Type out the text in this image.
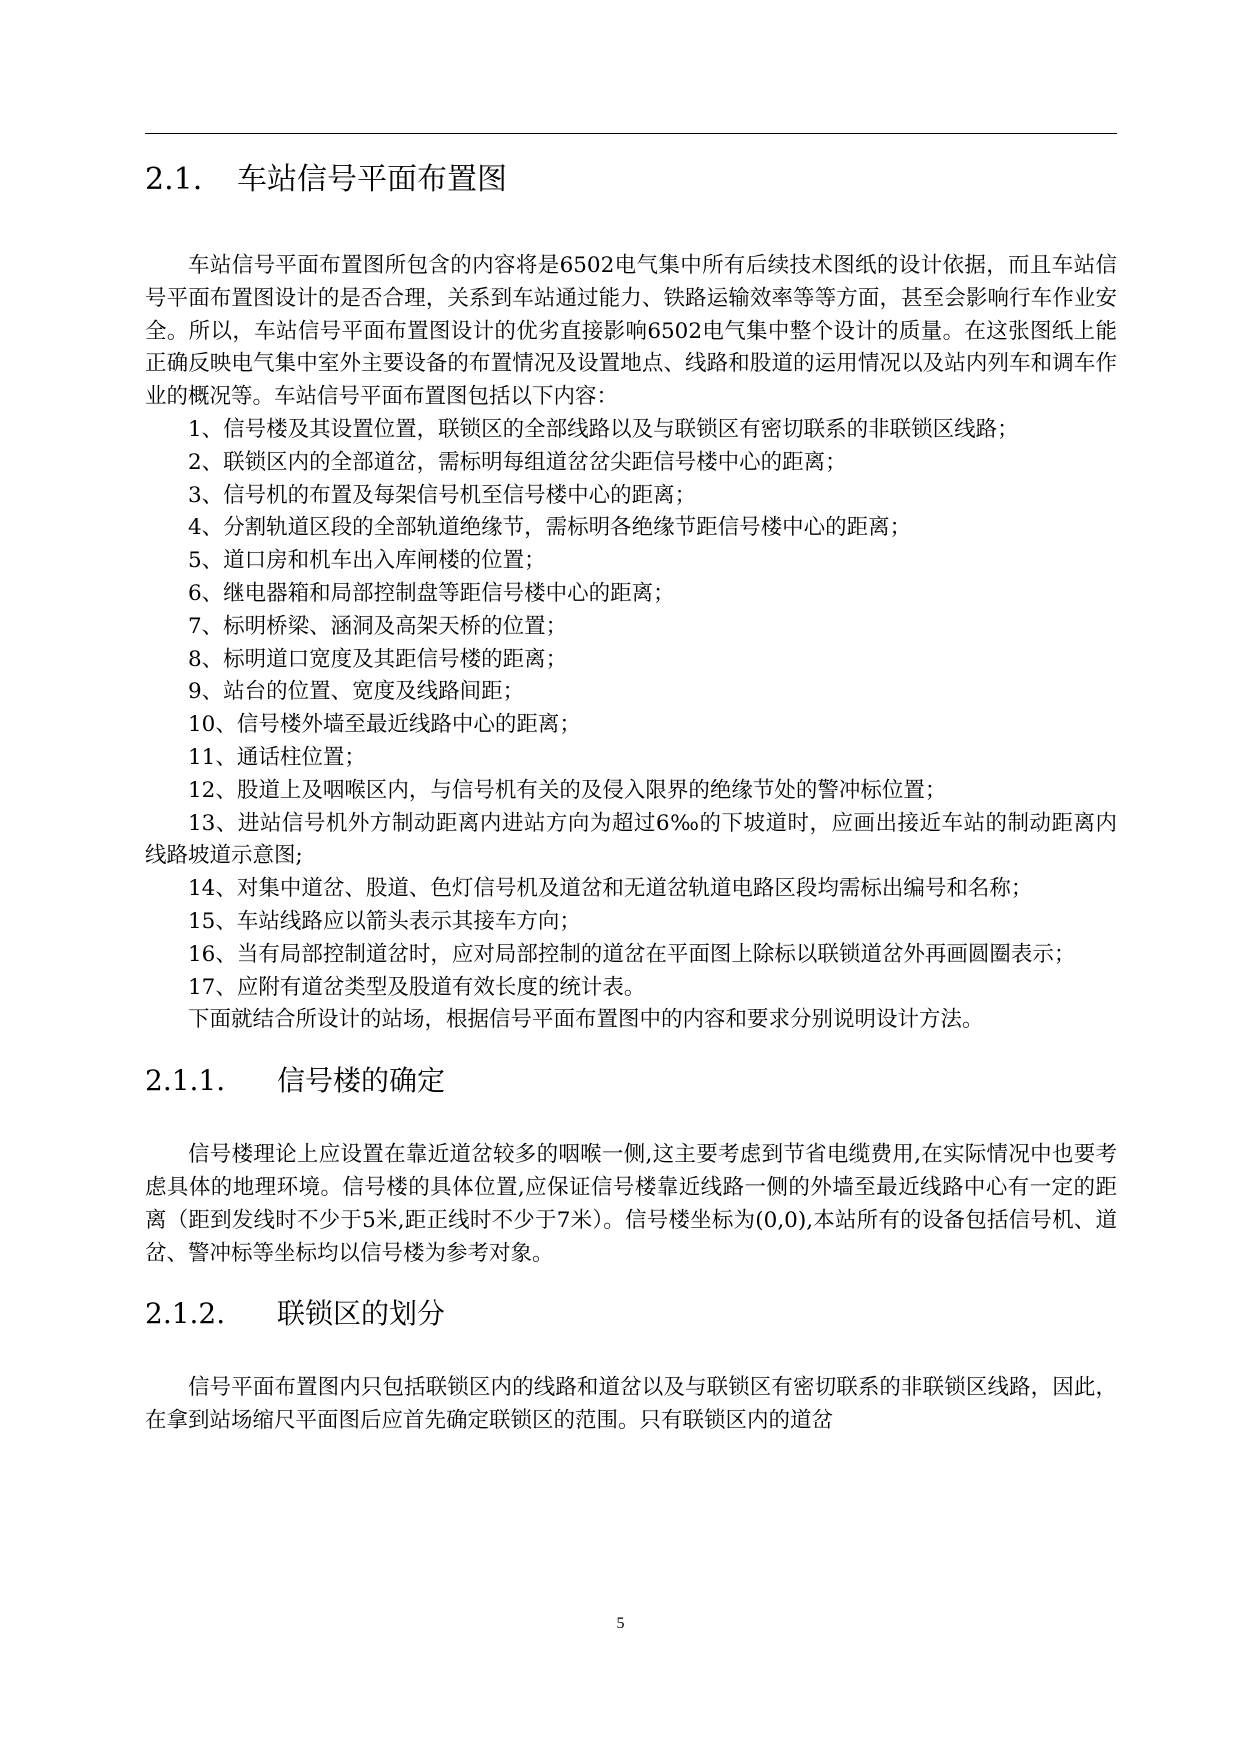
2.1. 车站信号平面布置图

车站信号平面布置图所包含的内容将是6502电气集中所有后续技术图纸的设计依据，而且车站信号平面布置图设计的是否合理，关系到车站通过能力、铁路运输效率等等方面，甚至会影响行车作业安全。所以，车站信号平面布置图设计的优劣直接影响6502电气集中整个设计的质量。在这张图纸上能正确反映电气集中室外主要设备的布置情况及设置地点、线路和股道的运用情况以及站内列车和调车作业的概况等。车站信号平面布置图包括以下内容：

1、信号楼及其设置位置，联锁区的全部线路以及与联锁区有密切联系的非联锁区线路；
2、联锁区内的全部道岔，需标明每组道岔岔尖距信号楼中心的距离；
3、信号机的布置及每架信号机至信号楼中心的距离；
4、分割轨道区段的全部轨道绝缘节，需标明各绝缘节距信号楼中心的距离；
5、道口房和机车出入库闸楼的位置；
6、继电器箱和局部控制盘等距信号楼中心的距离；
7、标明桥梁、涵洞及高架天桥的位置；
8、标明道口宽度及其距信号楼的距离；
9、站台的位置、宽度及线路间距；
10、信号楼外墙至最近线路中心的距离；
11、通话柱位置；
12、股道上及咽喉区内，与信号机有关的及侵入限界的绝缘节处的警冲标位置；
13、进站信号机外方制动距离内进站方向为超过6‰的下坡道时，应画出接近车站的制动距离内线路坡道示意图;
14、对集中道岔、股道、色灯信号机及道岔和无道岔轨道电路区段均需标出编号和名称；
15、车站线路应以箭头表示其接车方向；
16、当有局部控制道岔时，应对局部控制的道岔在平面图上除标以联锁道岔外再画圆圈表示；
17、应附有道岔类型及股道有效长度的统计表。

下面就结合所设计的站场，根据信号平面布置图中的内容和要求分别说明设计方法。

2.1.1. 信号楼的确定

信号楼理论上应设置在靠近道岔较多的咽喉一侧,这主要考虑到节省电缆费用,在实际情况中也要考虑具体的地理环境。信号楼的具体位置,应保证信号楼靠近线路一侧的外墙至最近线路中心有一定的距离（距到发线时不少于5米,距正线时不少于7米）。信号楼坐标为(0,0),本站所有的设备包括信号机、道岔、警冲标等坐标均以信号楼为参考对象。

2.1.2. 联锁区的划分

信号平面布置图内只包括联锁区内的线路和道岔以及与联锁区有密切联系的非联锁区线路，因此，在拿到站场缩尺平面图后应首先确定联锁区的范围。只有联锁区内的道岔

5
